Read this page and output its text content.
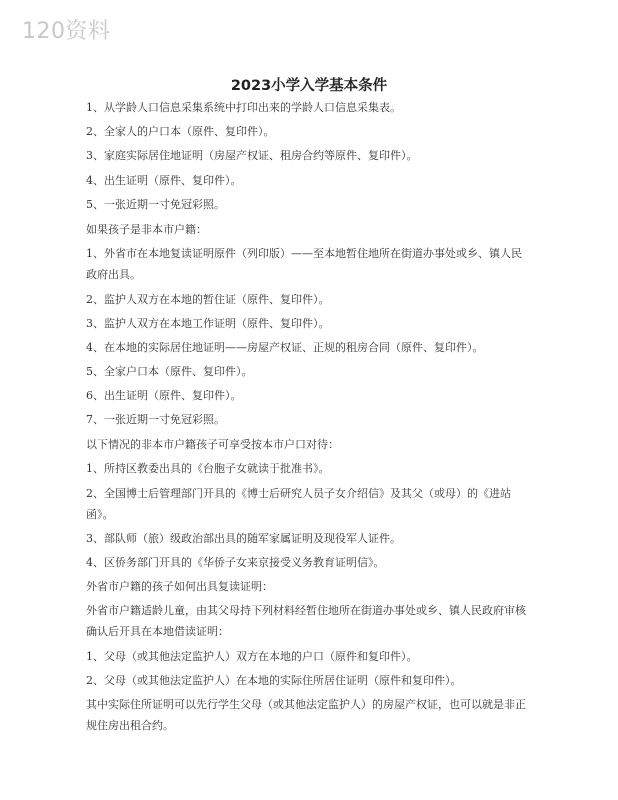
120资料
2023小学入学基本条件

1、从学龄人口信息采集系统中打印出来的学龄人口信息采集表。

2、全家人的户口本（原件、复印件）。

3、家庭实际居住地证明（房屋产权证、租房合约等原件、复印件）。

4、出生证明（原件、复印件）。

5、一张近期一寸免冠彩照。

如果孩子是非本市户籍：

1、外省市在本地复读证明原件（列印版）——至本地暂住地所在街道办事处或乡、镇人民政府出具。

2、监护人双方在本地的暂住证（原件、复印件）。

3、监护人双方在本地工作证明（原件、复印件）。

4、在本地的实际居住地证明——房屋产权证、正规的租房合同（原件、复印件）。

5、全家户口本（原件、复印件）。

6、出生证明（原件、复印件）。

7、一张近期一寸免冠彩照。

以下情况的非本市户籍孩子可享受按本市户口对待：

1、所持区教委出具的《台胞子女就读于批准书》。

2、全国博士后管理部门开具的《博士后研究人员子女介绍信》及其父（或母）的《进站函》。

3、部队师（旅）级政治部出具的随军家属证明及现役军人证件。

4、区侨务部门开具的《华侨子女来京接受义务教育证明信》。

外省市户籍的孩子如何出具复读证明：

外省市户籍适龄儿童，由其父母持下列材料经暂住地所在街道办事处或乡、镇人民政府审核确认后开具在本地借读证明：

1、父母（或其他法定监护人）双方在本地的户口（原件和复印件）。

2、父母（或其他法定监护人）在本地的实际住所居住证明（原件和复印件）。

其中实际住所证明可以先行学生父母（或其他法定监护人）的房屋产权证，也可以就是非正规住房出租合约。
